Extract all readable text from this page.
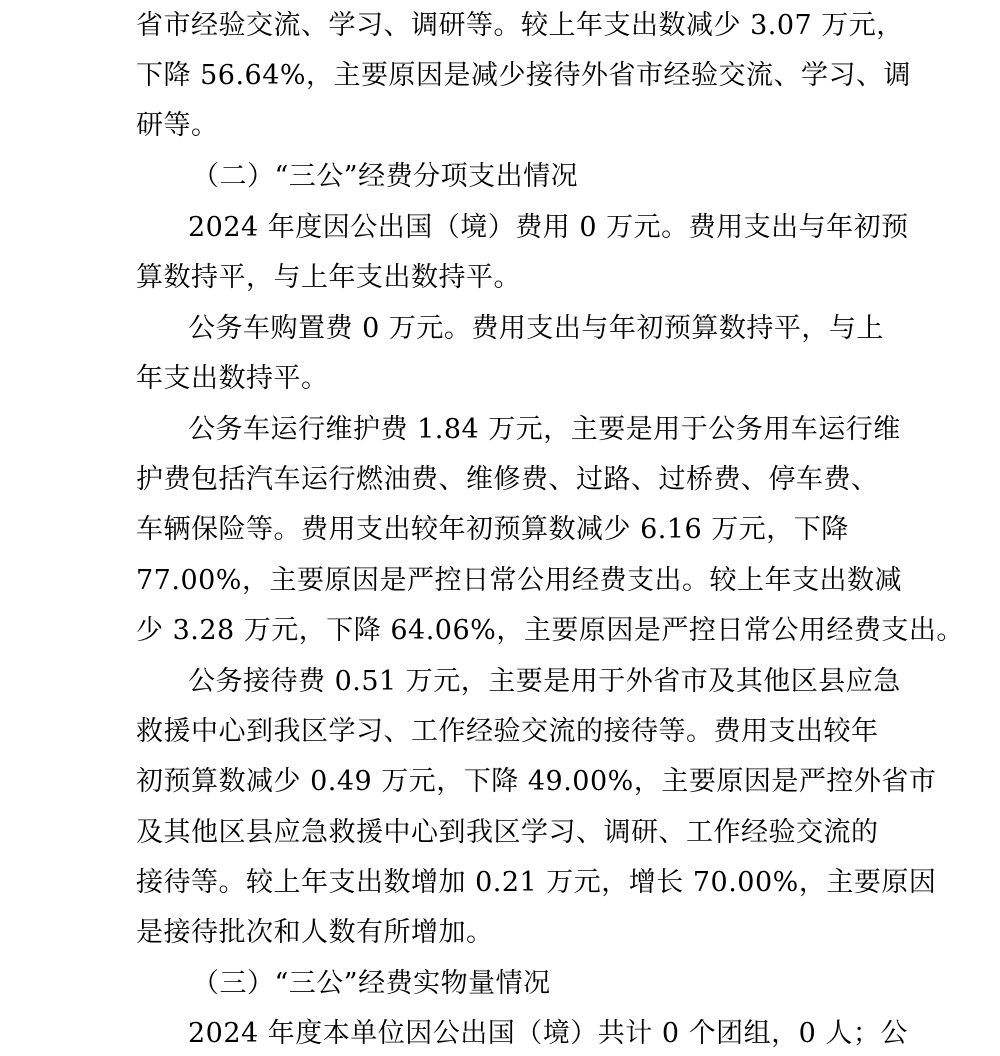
省市经验交流、学习、调研等。较上年支出数减少 3.07 万元，
下降 56.64%，主要原因是减少接待外省市经验交流、学习、调
研等。
（二）“三公”经费分项支出情况
2024 年度因公出国（境）费用 0 万元。费用支出与年初预
算数持平，与上年支出数持平。
公务车购置费 0 万元。费用支出与年初预算数持平，与上
年支出数持平。
公务车运行维护费 1.84 万元，主要是用于公务用车运行维
护费包括汽车运行燃油费、维修费、过路、过桥费、停车费、
车辆保险等。费用支出较年初预算数减少 6.16 万元，下降
77.00%，主要原因是严控日常公用经费支出。较上年支出数减
少 3.28 万元，下降 64.06%，主要原因是严控日常公用经费支出。
公务接待费 0.51 万元，主要是用于外省市及其他区县应急
救援中心到我区学习、工作经验交流的接待等。费用支出较年
初预算数减少 0.49 万元，下降 49.00%，主要原因是严控外省市
及其他区县应急救援中心到我区学习、调研、工作经验交流的
接待等。较上年支出数增加 0.21 万元，增长 70.00%，主要原因
是接待批次和人数有所增加。
（三）“三公”经费实物量情况
2024 年度本单位因公出国（境）共计 0 个团组，0 人；公
